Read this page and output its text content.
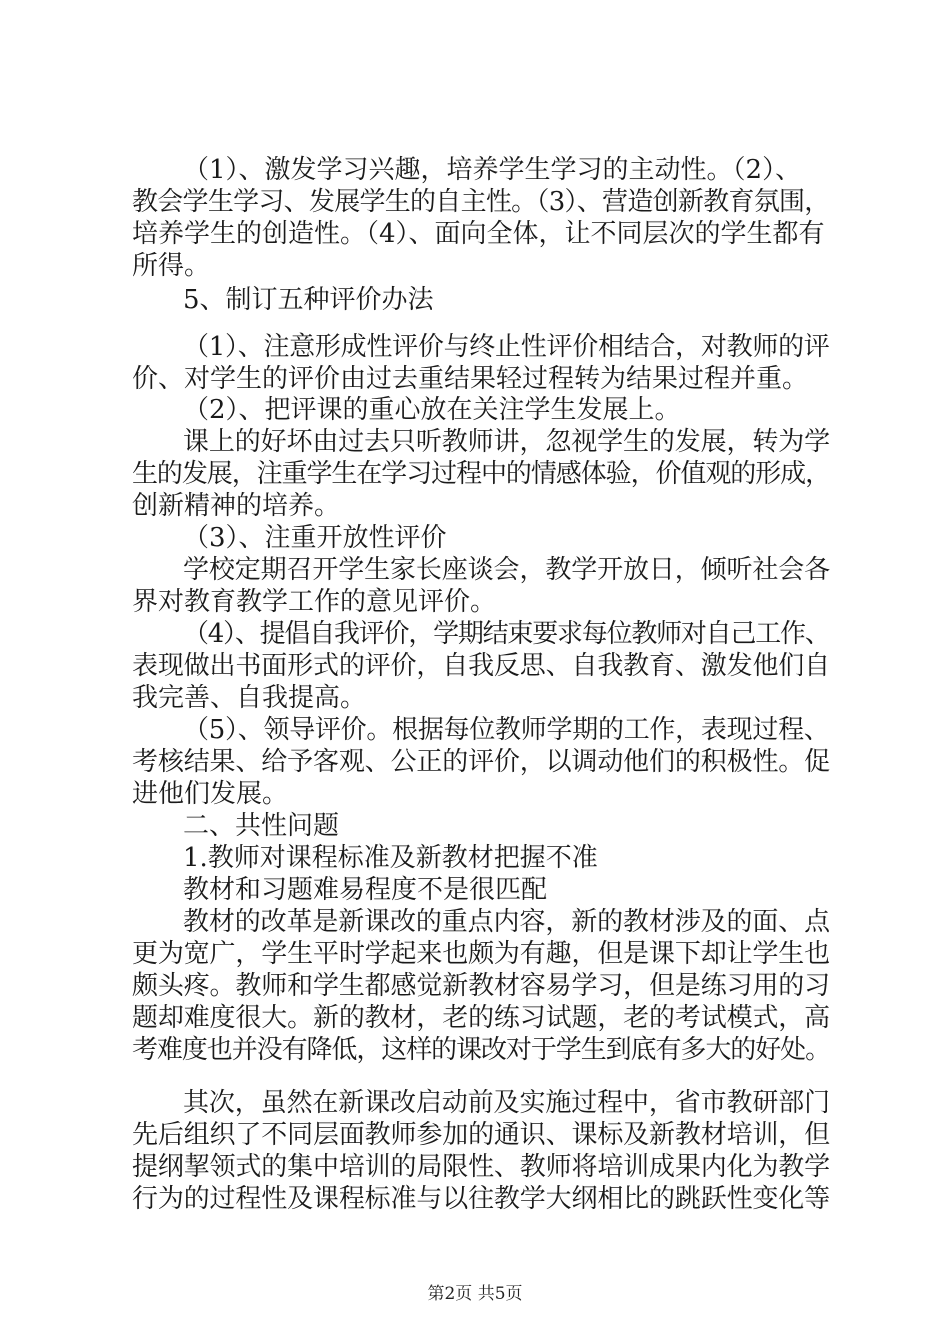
（1）、激发学习兴趣，培养学生学习的主动性。（2）、
教会学生学习、发展学生的自主性。（3）、营造创新教育氛围，
培养学生的创造性。（4）、面向全体，让不同层次的学生都有
所得。
5、制订五种评价办法
（1）、注意形成性评价与终止性评价相结合，对教师的评
价、对学生的评价由过去重结果轻过程转为结果过程并重。
（2）、把评课的重心放在关注学生发展上。
课上的好坏由过去只听教师讲，忽视学生的发展，转为学
生的发展，注重学生在学习过程中的情感体验，价值观的形成，
创新精神的培养。
（3）、注重开放性评价
学校定期召开学生家长座谈会，教学开放日，倾听社会各
界对教育教学工作的意见评价。
（4）、提倡自我评价，学期结束要求每位教师对自己工作、
表现做出书面形式的评价，自我反思、自我教育、激发他们自
我完善、自我提高。
（5）、领导评价。根据每位教师学期的工作，表现过程、
考核结果、给予客观、公正的评价，以调动他们的积极性。促
进他们发展。
二、共性问题
1.教师对课程标准及新教材把握不准
教材和习题难易程度不是很匹配
教材的改革是新课改的重点内容，新的教材涉及的面、点
更为宽广，学生平时学起来也颇为有趣，但是课下却让学生也
颇头疼。教师和学生都感觉新教材容易学习，但是练习用的习
题却难度很大。新的教材，老的练习试题，老的考试模式，高
考难度也并没有降低，这样的课改对于学生到底有多大的好处。
其次，虽然在新课改启动前及实施过程中，省市教研部门
先后组织了不同层面教师参加的通识、课标及新教材培训，但
提纲挈领式的集中培训的局限性、教师将培训成果内化为教学
行为的过程性及课程标准与以往教学大纲相比的跳跃性变化等
第2页 共5页
